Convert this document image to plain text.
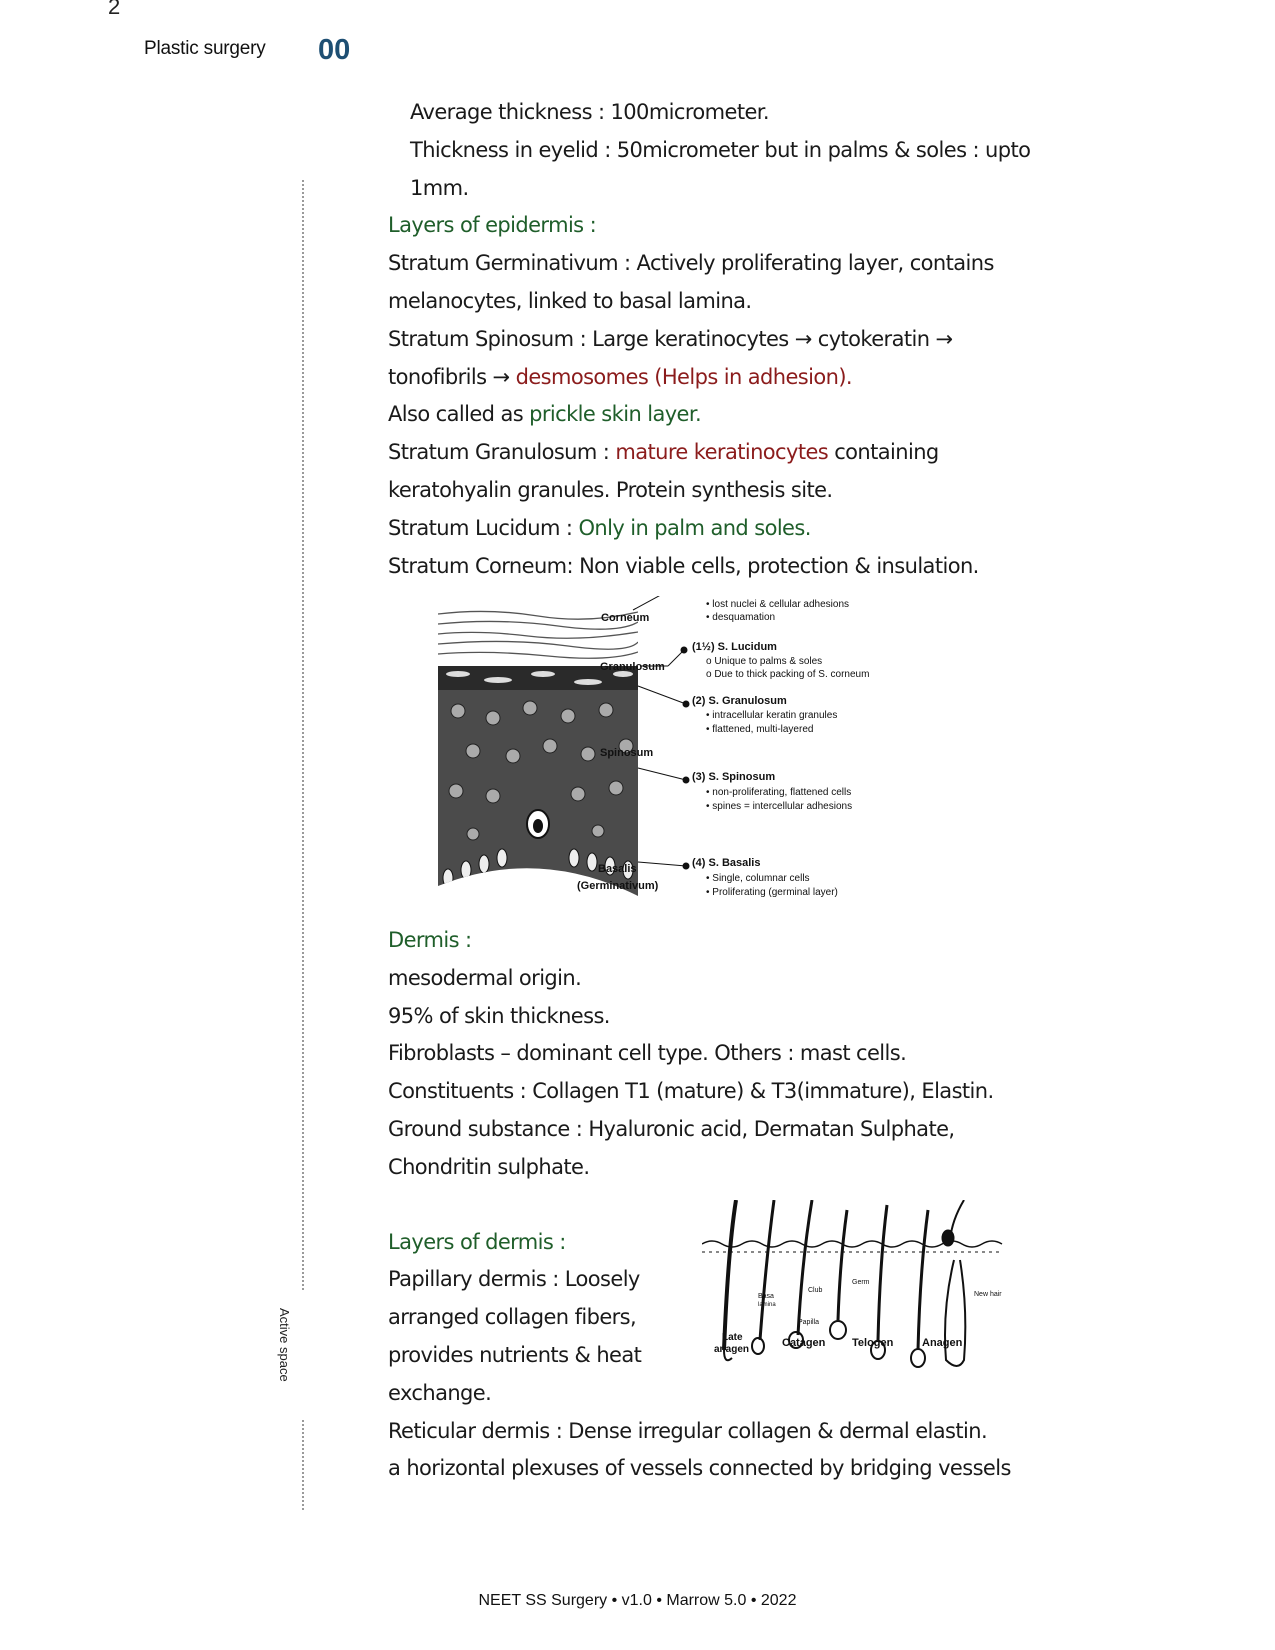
2
Plastic surgery 00
Active space
Average thickness : 100micrometer.
Thickness in eyelid : 50micrometer but in palms & soles : upto
1mm.
Layers of epidermis :
Stratum Germinativum : Actively proliferating layer, contains
melanocytes, linked to basal lamina.
Stratum Spinosum : Large keratinocytes → cytokeratin →
tonofibrils → desmosomes (Helps in adhesion).
Also called as prickle skin layer.
Stratum Granulosum : mature keratinocytes containing
keratohyalin granules. Protein synthesis site.
Stratum Lucidum : Only in palm and soles.
Stratum Corneum: Non viable cells, protection & insulation.
Corneum
Granulosum
Spinosum
Basalis
(Germinativum)
• lost nuclei & cellular adhesions
• desquamation
(1½) S. Lucidum
o Unique to palms & soles
o Due to thick packing of S. corneum
(2) S. Granulosum
• intracellular keratin granules
• flattened, multi-layered
(3) S. Spinosum
• non-proliferating, flattened cells
• spines = intercellular adhesions
(4) S. Basalis
• Single, columnar cells
• Proliferating (germinal layer)
Dermis :
mesodermal origin.
95% of skin thickness.
Fibroblasts – dominant cell type. Others : mast cells.
Constituents : Collagen T1 (mature) & T3(immature), Elastin.
Ground substance : Hyaluronic acid, Dermatan Sulphate,
Chondritin sulphate.
Layers of dermis :
Papillary dermis : Loosely
arranged collagen fibers,
provides nutrients & heat
exchange.
Reticular dermis : Dense irregular collagen & dermal elastin.
a horizontal plexuses of vessels connected by bridging vessels
Basa
lamina
Club
Germ
Papilla
New hair
Late
anagen
Catagen Telogen	Anagen
NEET SS Surgery • v1.0 • Marrow 5.0 • 2022
